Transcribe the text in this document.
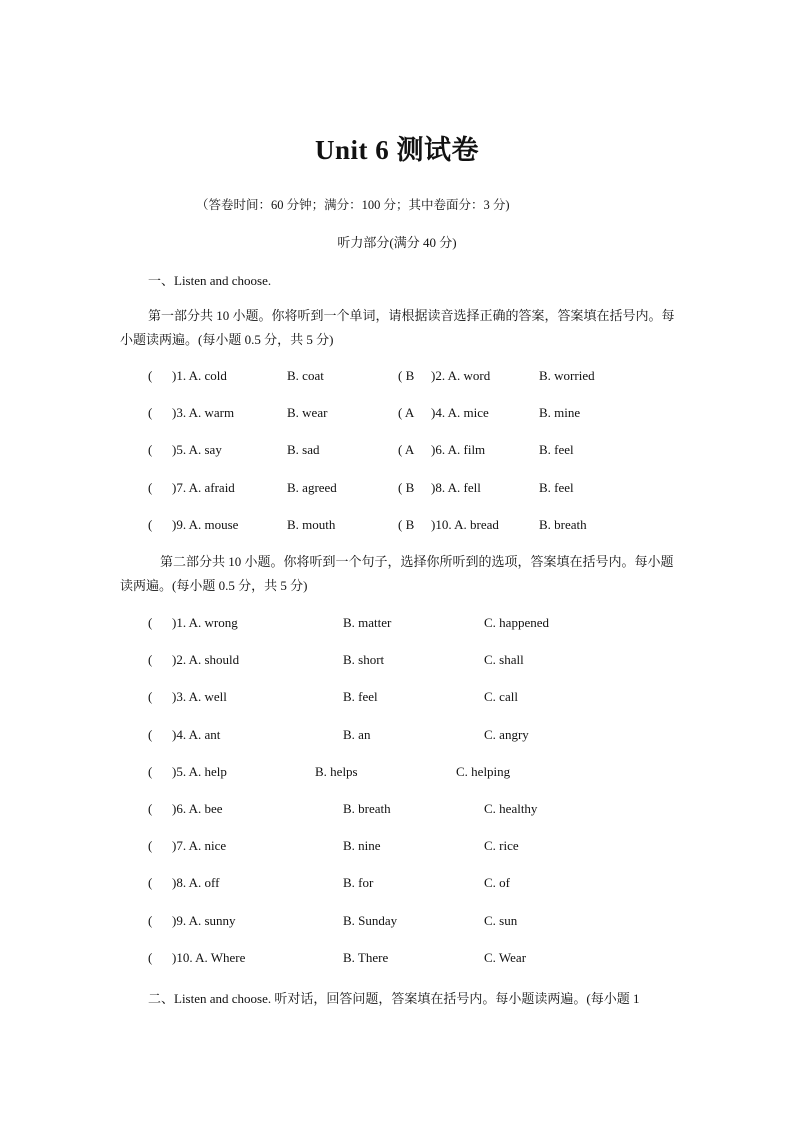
Unit 6 测试卷
（答卷时间：60 分钟；满分：100 分；其中卷面分：3 分)
听力部分(满分 40 分)
一、Listen and choose.
第一部分共 10 小题。你将听到一个单词，请根据读音选择正确的答案，答案填在括号内。每小题读两遍。(每小题 0.5 分，共 5 分)
( )1. A. cold	B. coat	( B )2. A. word	B. worried
( )3. A. warm	B. wear	( A )4. A. mice	B. mine
( )5. A. say	B. sad	( A )6. A. film	B. feel
( )7. A. afraid	B. agreed	( B )8. A. fell	B. feel
( )9. A. mouse	B. mouth	( B )10. A. bread	B. breath
第二部分共 10 小题。你将听到一个句子，选择你所听到的选项，答案填在括号内。每小题读两遍。(每小题 0.5 分，共 5 分)
( )1. A. wrong	B. matter	C. happened
( )2. A. should	B. short	C. shall
( )3. A. well	B. feel	C. call
( )4. A. ant	B. an	C. angry
( )5. A. help	B. helps	C. helping
( )6. A. bee	B. breath	C. healthy
( )7. A. nice	B. nine	C. rice
( )8. A. off	B. for	C. of
( )9. A. sunny	B. Sunday	C. sun
( )10. A. Where	B. There	C. Wear
二、Listen and choose. 听对话，回答问题，答案填在括号内。每小题读两遍。(每小题 1
